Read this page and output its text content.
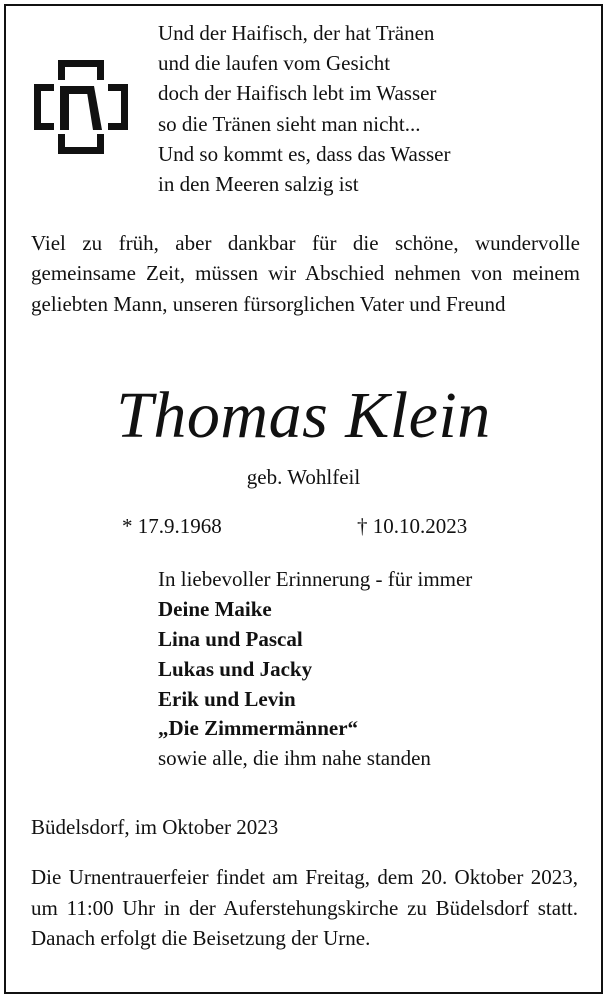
Und der Haifisch, der hat Tränen
und die laufen vom Gesicht
doch der Haifisch lebt im Wasser
so die Tränen sieht man nicht...
Und so kommt es, dass das Wasser
in den Meeren salzig ist
Viel zu früh, aber dankbar für die schöne, wundervolle gemeinsame Zeit, müssen wir Abschied nehmen von meinem geliebten Mann, unseren fürsorglichen Vater und Freund
Thomas Klein
geb. Wohlfeil
* 17.9.1968	† 10.10.2023
In liebevoller Erinnerung - für immer
Deine Maike
Lina und Pascal
Lukas und Jacky
Erik und Levin
„Die Zimmermänner“
sowie alle, die ihm nahe standen
Büdelsdorf, im Oktober 2023
Die Urnentrauerfeier findet am Freitag, dem 20. Oktober 2023, um 11:00 Uhr in der Auferstehungskirche zu Büdelsdorf statt. Danach erfolgt die Beisetzung der Urne.
